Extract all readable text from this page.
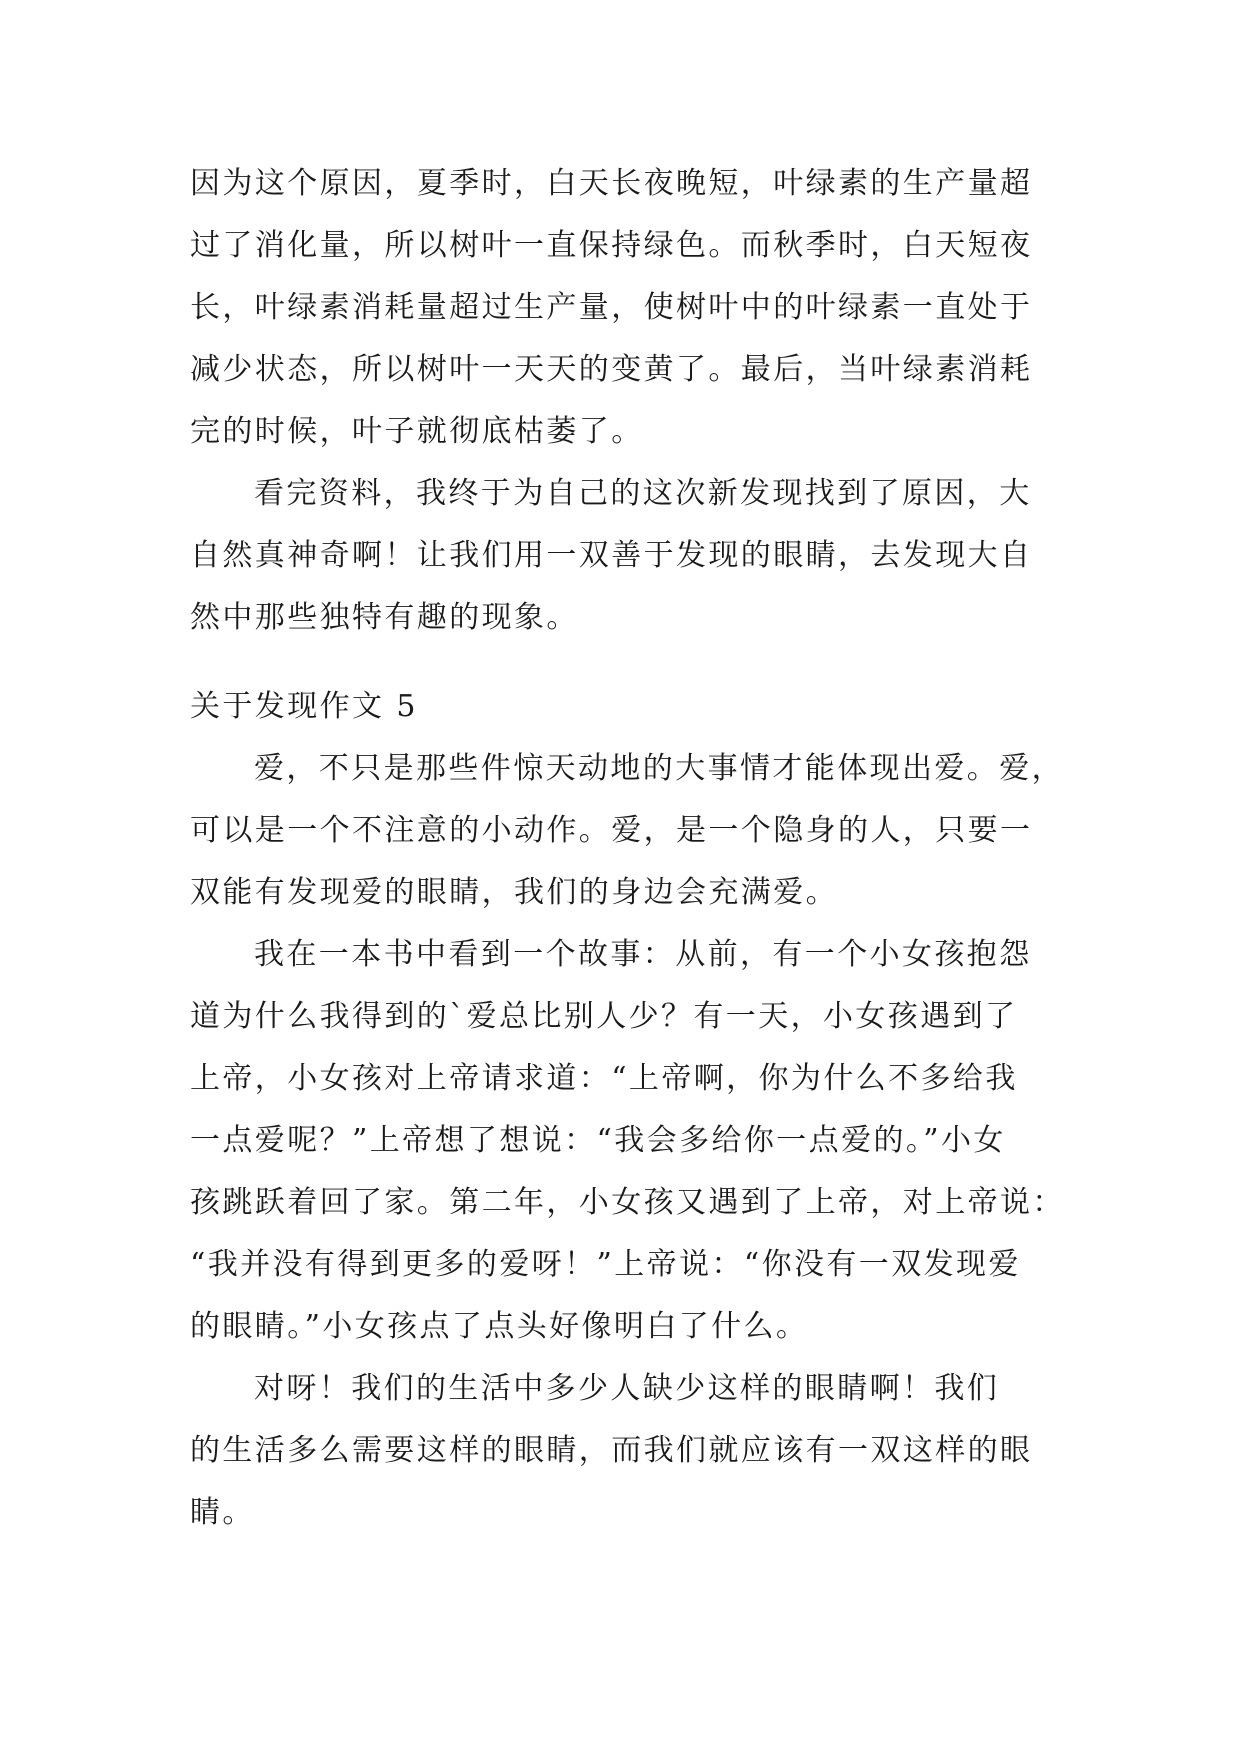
因为这个原因，夏季时，白天长夜晚短，叶绿素的生产量超
过了消化量，所以树叶一直保持绿色。而秋季时，白天短夜
长，叶绿素消耗量超过生产量，使树叶中的叶绿素一直处于
减少状态，所以树叶一天天的变黄了。最后，当叶绿素消耗
完的时候，叶子就彻底枯萎了。
看完资料，我终于为自己的这次新发现找到了原因，大
自然真神奇啊！让我们用一双善于发现的眼睛，去发现大自
然中那些独特有趣的现象。
关于发现作文 5
爱，不只是那些件惊天动地的大事情才能体现出爱。爱，
可以是一个不注意的小动作。爱，是一个隐身的人，只要一
双能有发现爱的眼睛，我们的身边会充满爱。
我在一本书中看到一个故事：从前，有一个小女孩抱怨
道为什么我得到的`爱总比别人少？有一天，小女孩遇到了
上帝，小女孩对上帝请求道：“上帝啊，你为什么不多给我
一点爱呢？”上帝想了想说：“我会多给你一点爱的。”小女
孩跳跃着回了家。第二年，小女孩又遇到了上帝，对上帝说：
“我并没有得到更多的爱呀！”上帝说：“你没有一双发现爱
的眼睛。”小女孩点了点头好像明白了什么。
对呀！我们的生活中多少人缺少这样的眼睛啊！我们
的生活多么需要这样的眼睛，而我们就应该有一双这样的眼
睛。
